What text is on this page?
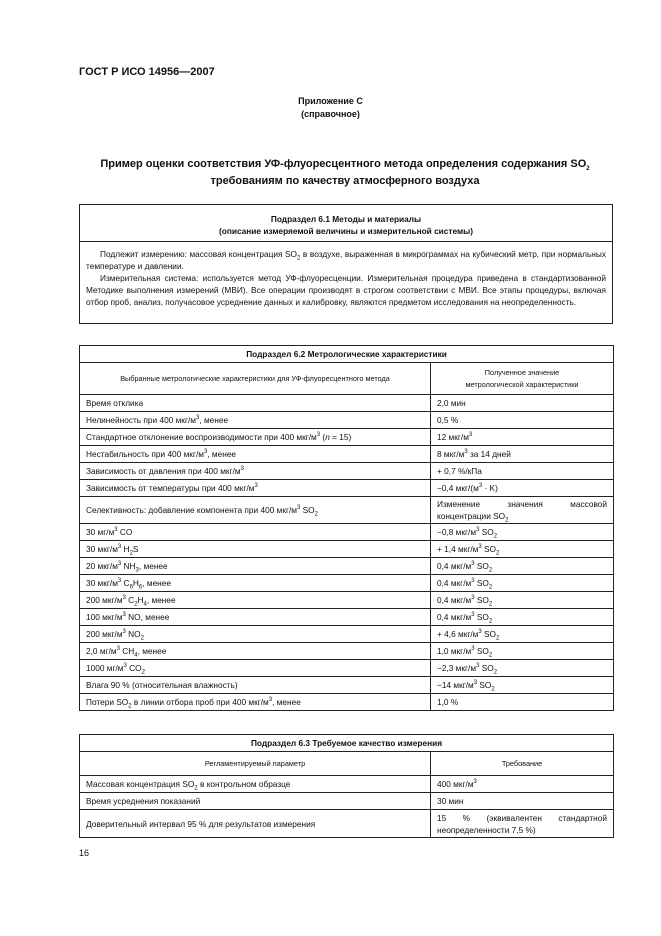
ГОСТ Р ИСО 14956—2007
Приложение С
(справочное)
Пример оценки соответствия УФ-флуоресцентного метода определения содержания $SO_2$
требованиям по качеству атмосферного воздуха
Подраздел 6.1 Методы и материалы
(описание измеряемой величины и измерительной системы)
Подлежит измерению: массовая концентрация $SO_2$ в воздухе, выраженная в микрограммах на кубический метр, при нормальных температуре и давлении.
Измерительная система: используется метод УФ-флуоресценции. Измерительная процедура приведена в стандартизованной Методике выполнения измерений (МВИ). Все операции производят в строгом соответствии с МВИ. Все этапы процедуры, включая отбор проб, анализ, получасовое усреднение данных и калибровку, являются предметом исследования на неопределенность.
Подраздел 6.2 Метрологические характеристики	
Выбранные метрологические характеристики для УФ-флуоресцентного метода	Полученное значение
метрологической характеристики

Время отклика	2,0 мин
Нелинейность при 400 мкг/$м^3$, менее	0,5 %
Стандартное отклонение воспроизводимости при 400 мкг/$м^3$ (n = 15)	12 мкг/$м^3$
Нестабильность при 400 мкг/$м^3$, менее	8 мкг/$м^3$ за 14 дней
Зависимость от давления при 400 мкг/$м^3$	+ 0,7 %/кПа
Зависимость от температуры при 400 мкг/$м^3$	−0,4 мкг/$(м^3 \cdot K)$
Селективность: добавление компонента при 400 мкг/$м^3$ $SO_2$	Изменение значения массовой концентрации $SO_2$
30 $мг/м^3$ CO	−0,8 мкг/$м^3$ $SO_2$
30 мкг/$м^3$ $H_2S$	+ 1,4 мкг/$м^3$ $SO_2$
20 мкг/$м^3$ $NH_3$, менее	0,4 мкг/$м^3$ $SO_2$
30 мкг/$м^3$ $C_6H_6$, менее	0,4 мкг/$м^3$ $SO_2$
200 мкг/$м^3$ $C_2H_4$, менее	0,4 мкг/$м^3$ $SO_2$
100 мкг/$м^3$ NO, менее	0,4 мкг/$м^3$ $SO_2$
200 мкг/$м^3$ $NO_2$	+ 4,6 мкг/$м^3$ $SO_2$
2,0 $мг/м^3$ $CH_4$, менее	1,0 мкг/$м^3$ $SO_2$
1000 $мг/м^3$ $CO_2$	−2,3 мкг/$м^3$ $SO_2$
Влага 90 % (относительная влажность)	−14 мкг/$м^3$ $SO_2$
Потери $SO_2$ в линии отбора проб при 400 мкг/$м^3$, менее	1,0 %
Подраздел 6.3 Требуемое качество измерения	
Регламентируемый параметр	Требование
Массовая концентрация $SO_2$ в контрольном образце	400 мкг/$м^3$
Время усреднения показаний	30 мин
Доверительный интервал 95 % для результатов измерения	15 % (эквивалентен стандартной неопределенности 7,5 %)
16
